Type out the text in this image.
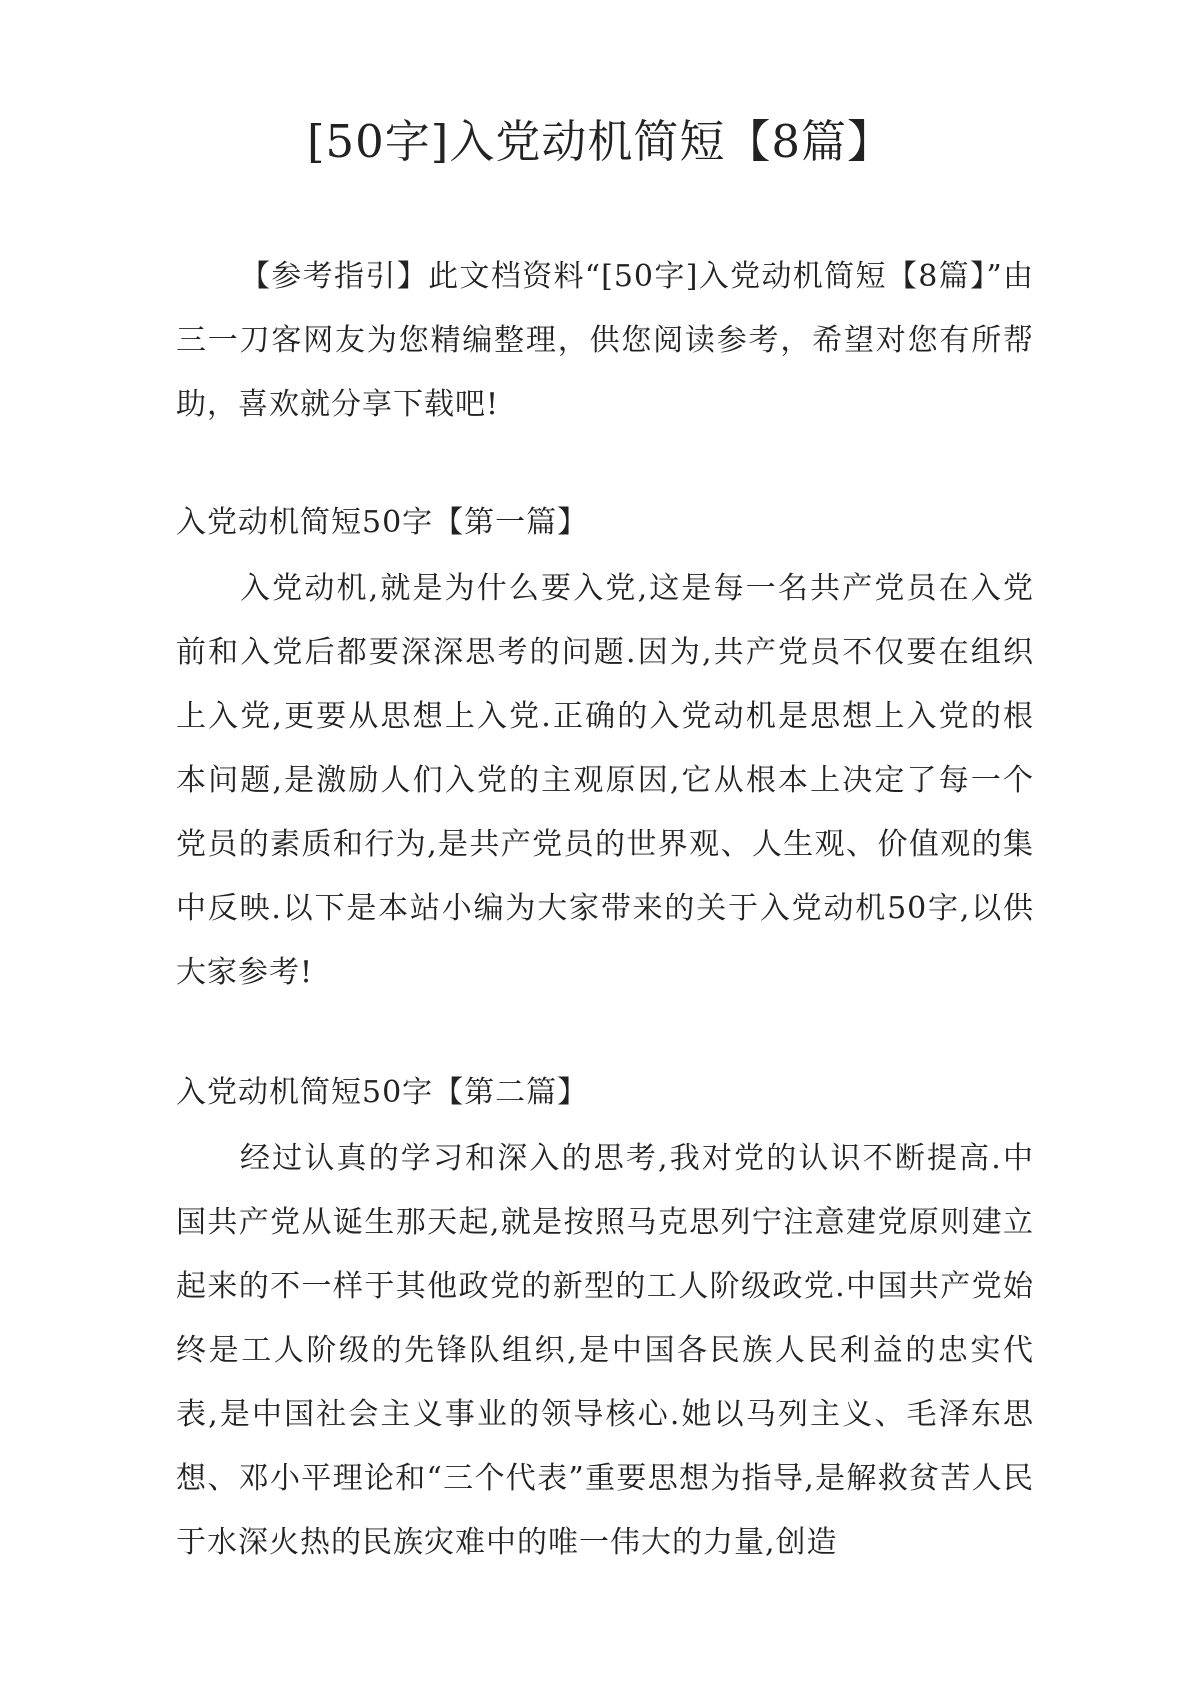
[50字]入党动机简短【8篇】

【参考指引】此文档资料“[50字]入党动机简短【8篇】”由三一刀客网友为您精编整理，供您阅读参考，希望对您有所帮助，喜欢就分享下载吧!

入党动机简短50字【第一篇】

入党动机,就是为什么要入党,这是每一名共产党员在入党前和入党后都要深深思考的问题.因为,共产党员不仅要在组织上入党,更要从思想上入党.正确的入党动机是思想上入党的根本问题,是激励人们入党的主观原因,它从根本上决定了每一个党员的素质和行为,是共产党员的世界观、人生观、价值观的集中反映.以下是本站小编为大家带来的关于入党动机50字,以供大家参考!

入党动机简短50字【第二篇】

经过认真的学习和深入的思考,我对党的认识不断提高.中国共产党从诞生那天起,就是按照马克思列宁注意建党原则建立起来的不一样于其他政党的新型的工人阶级政党.中国共产党始终是工人阶级的先锋队组织,是中国各民族人民利益的忠实代表,是中国社会主义事业的领导核心.她以马列主义、毛泽东思想、邓小平理论和“三个代表”重要思想为指导,是解救贫苦人民于水深火热的民族灾难中的唯一伟大的力量,创造
